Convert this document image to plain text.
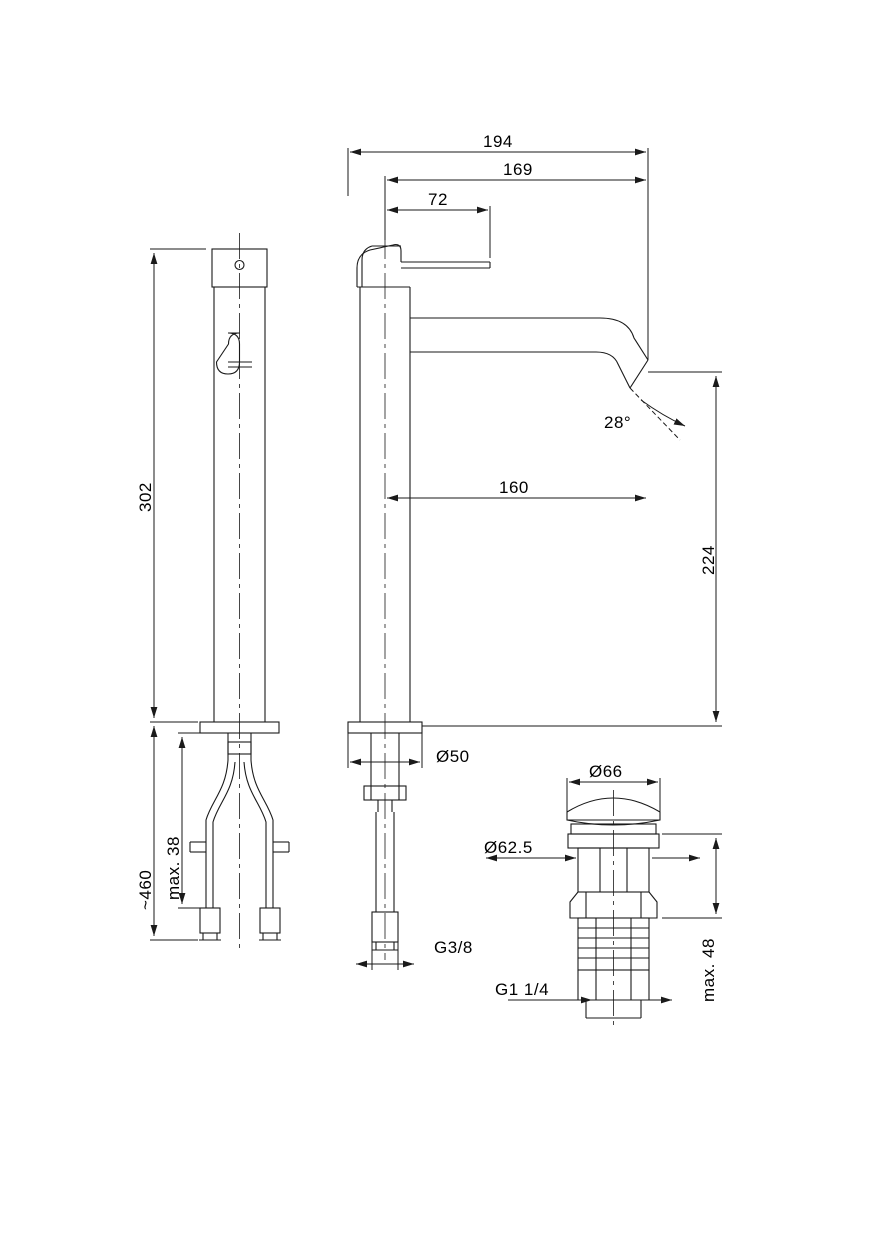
194
169
72
160
28°
224
302
~460 max. 38
Ø50
G3/8
Ø66
Ø62.5
G1 1/4	max. 48
